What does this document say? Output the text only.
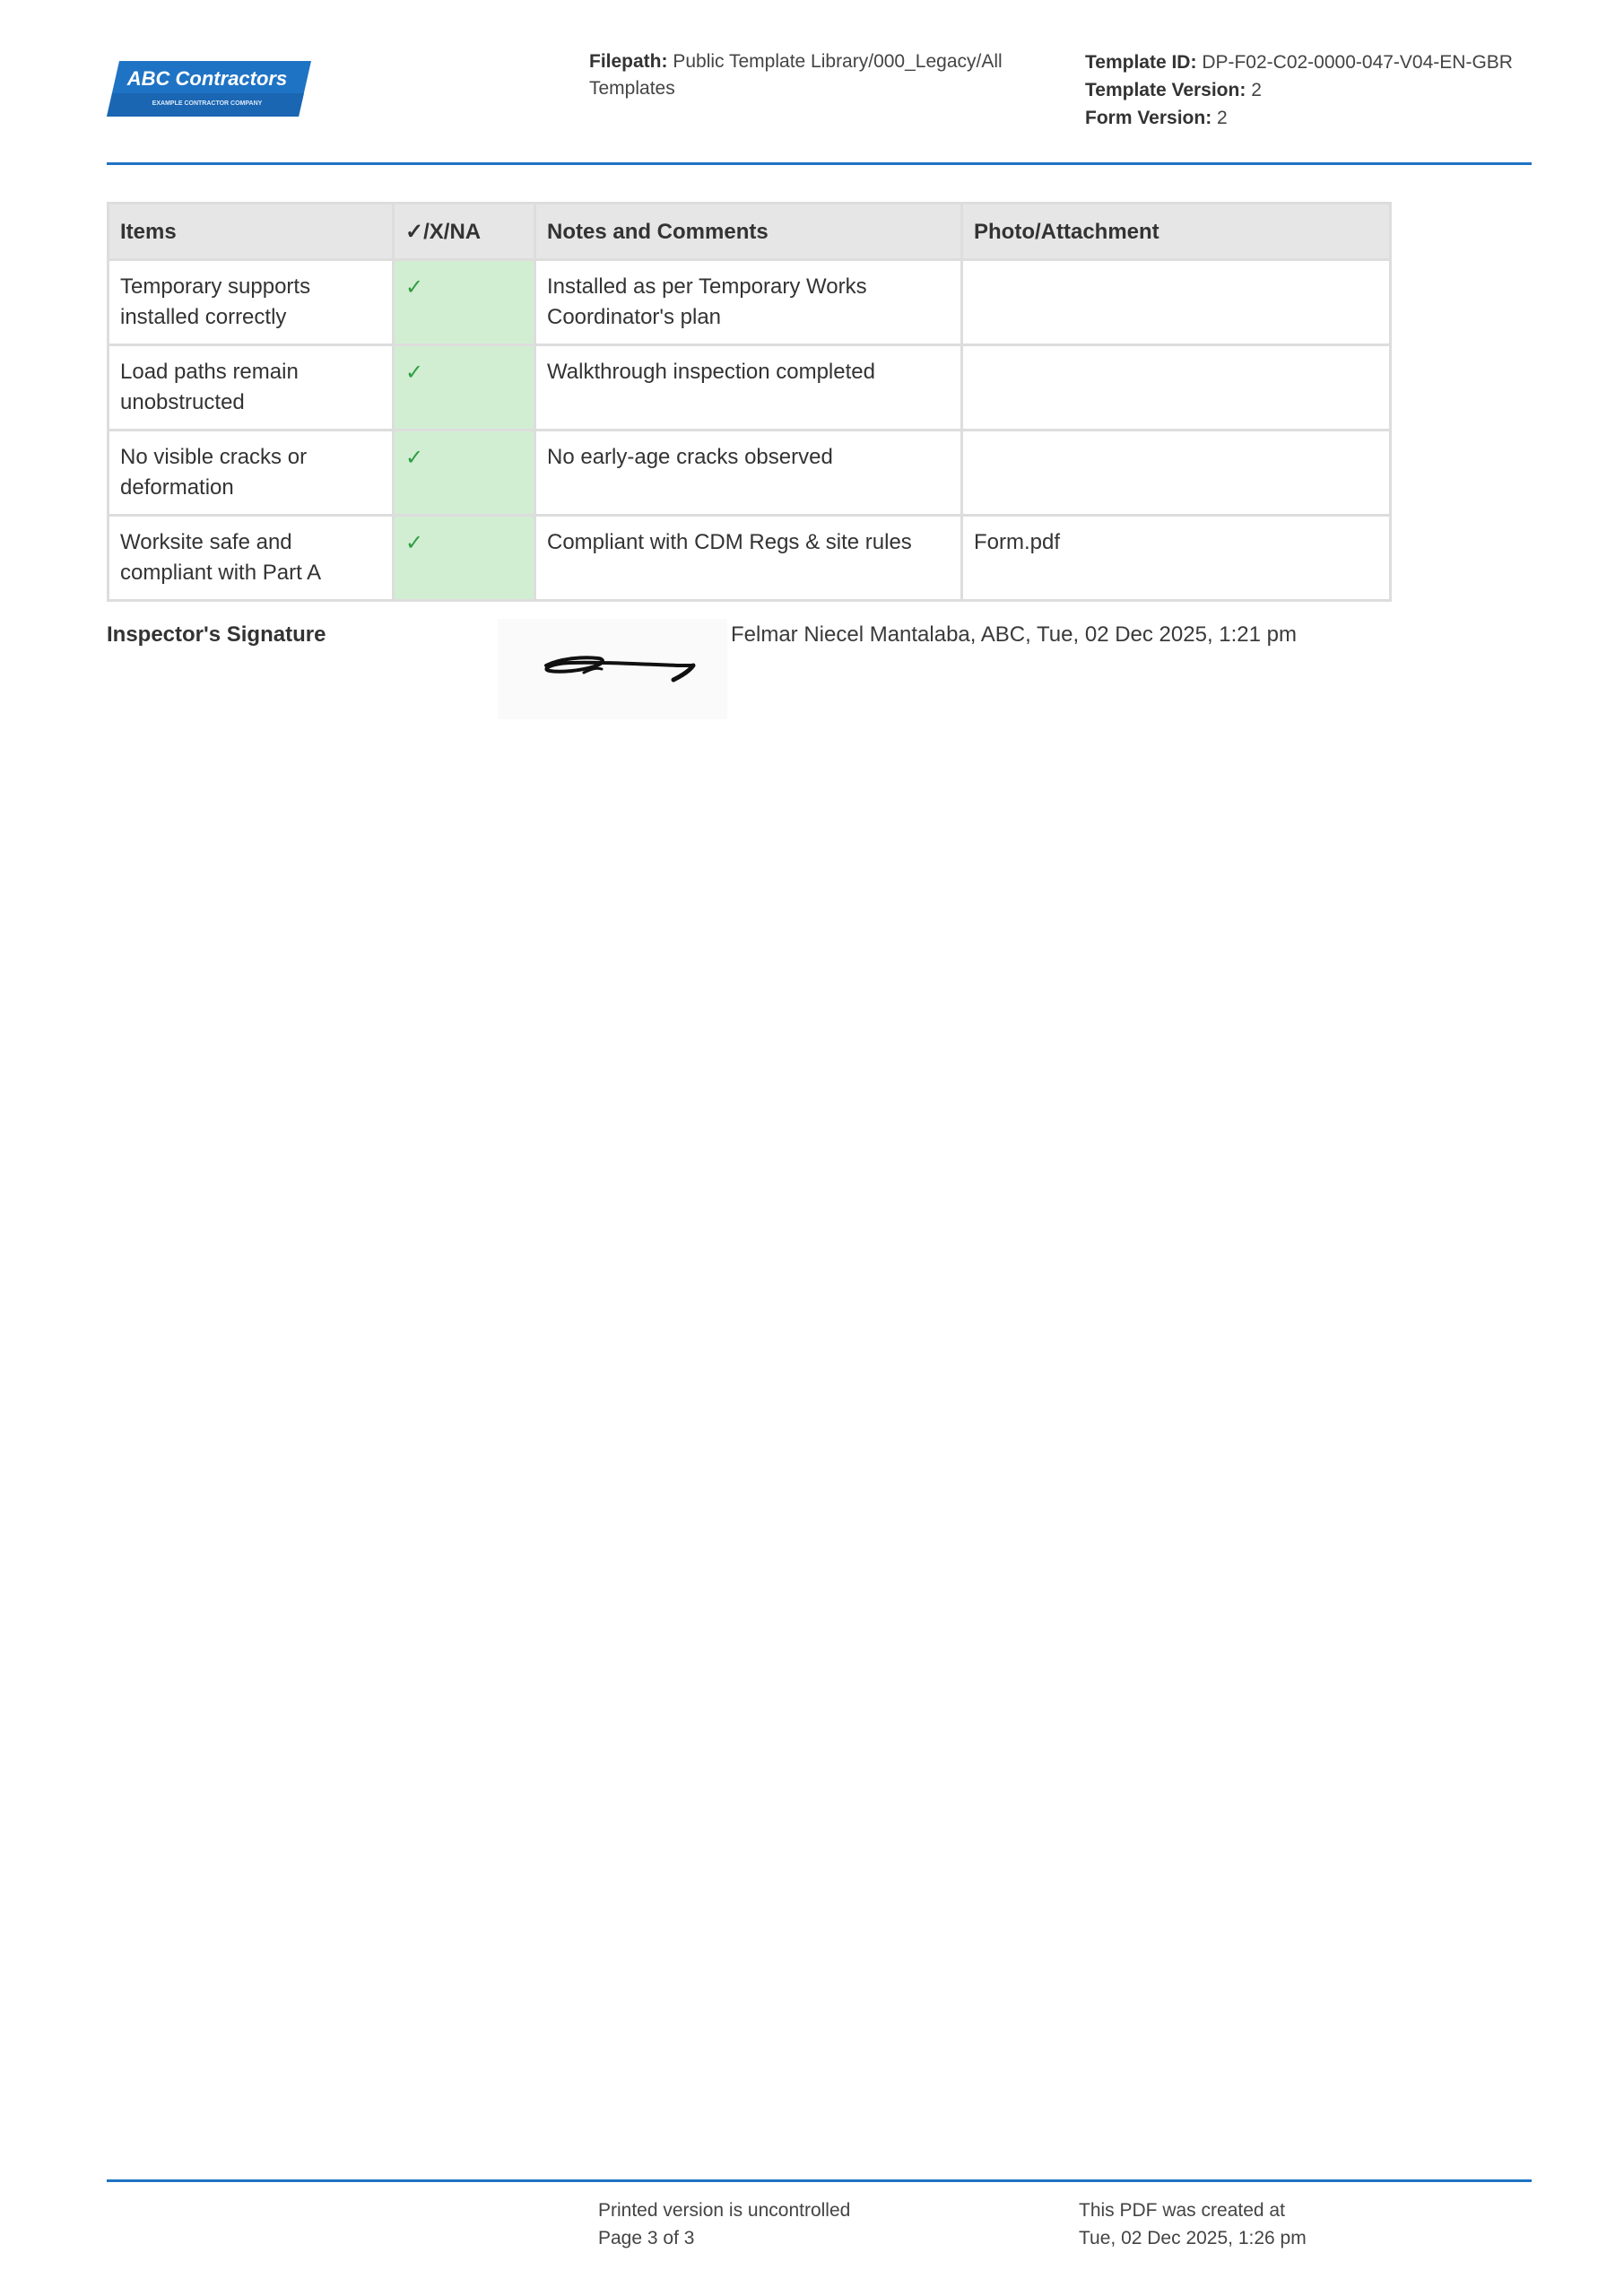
ABC Contractors
EXAMPLE CONTRACTOR COMPANY
Filepath: Public Template Library/000_Legacy/All Templates
Template ID: DP-F02-C02-0000-047-V04-EN-GBR
Template Version: 2
Form Version: 2
Items	✓/X/NA	Notes and Comments	Photo/Attachment
Temporary supports installed correctly	✓	Installed as per Temporary Works Coordinator's plan	
Load paths remain unobstructed	✓	Walkthrough inspection completed	
No visible cracks or deformation	✓	No early-age cracks observed	
Worksite safe and compliant with Part A	✓	Compliant with CDM Regs & site rules	Form.pdf
Inspector's Signature	Felmar Niecel Mantalaba, ABC, Tue, 02 Dec 2025, 1:21 pm
Printed version is uncontrolled
Page 3 of 3
This PDF was created at
Tue, 02 Dec 2025, 1:26 pm
